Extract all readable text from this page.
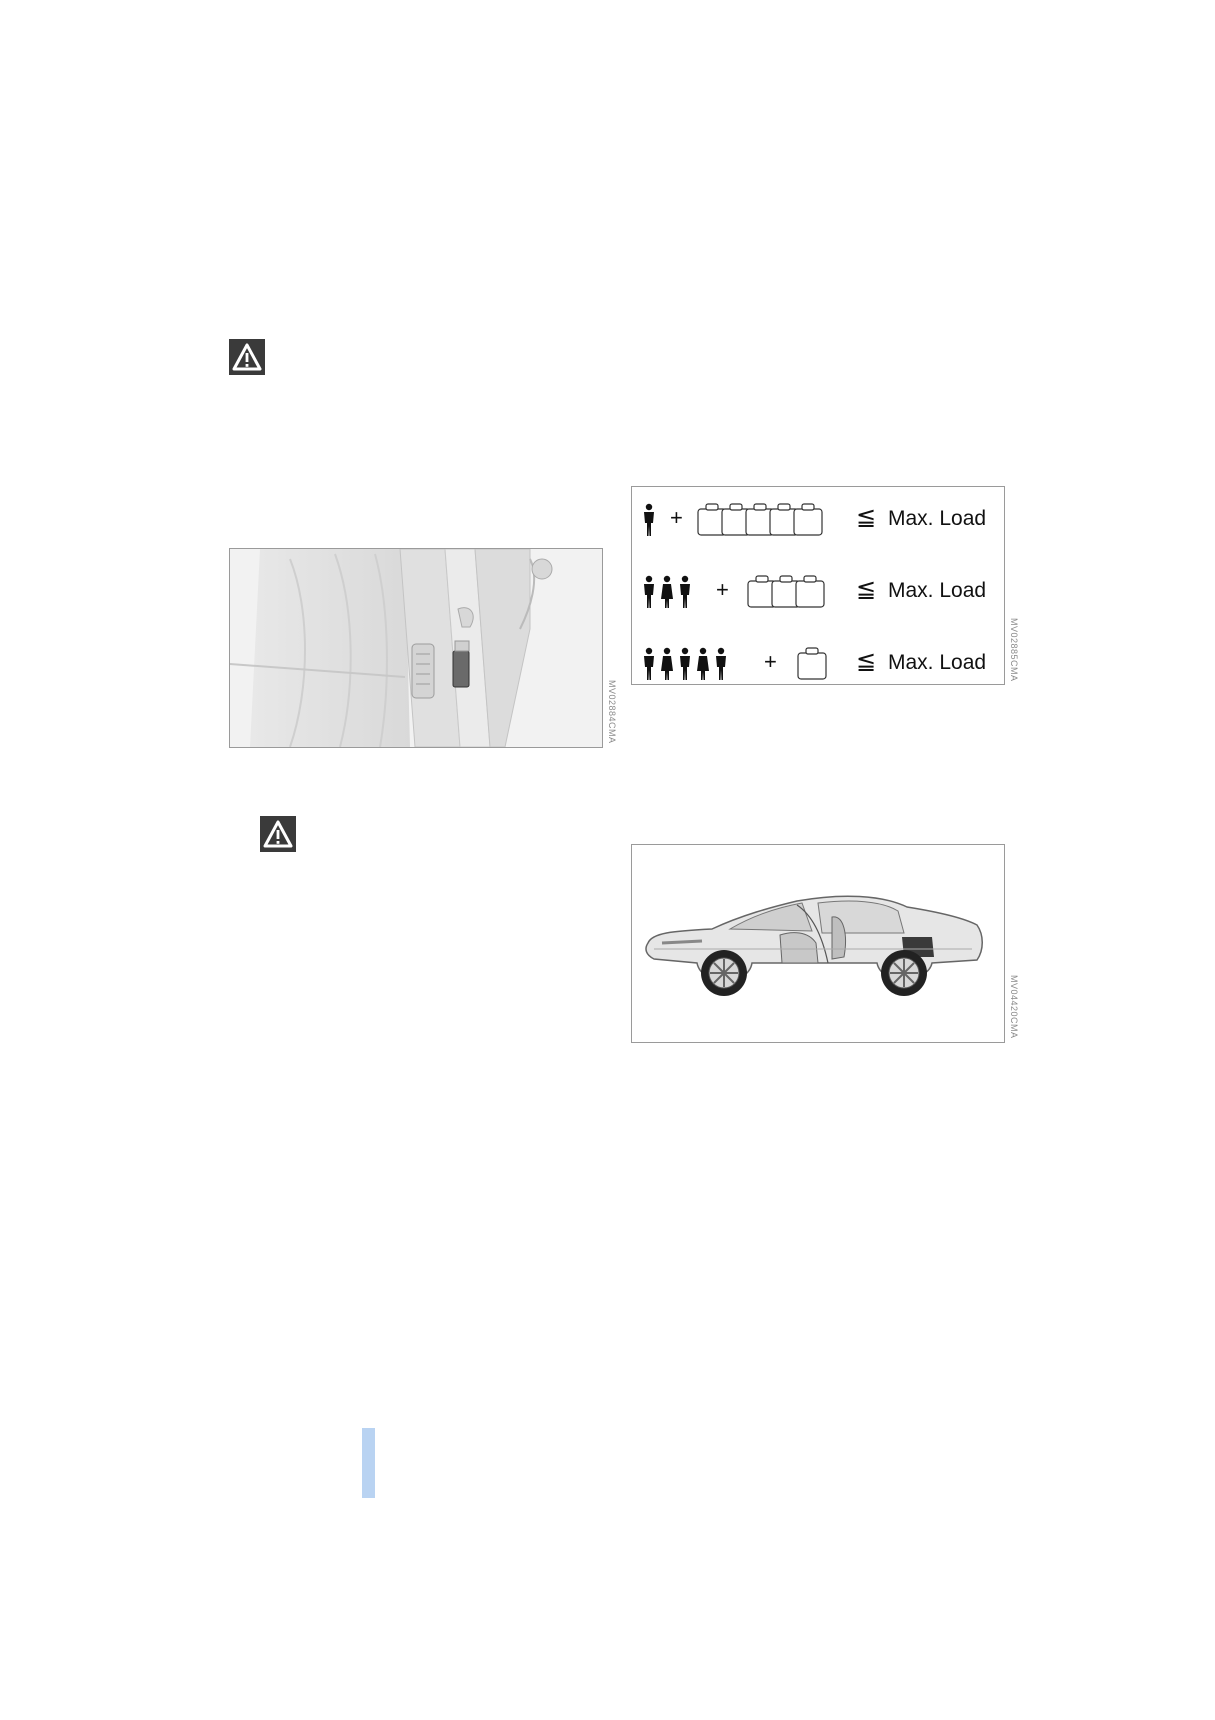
MV02884CMA
+	≦ Max. Load
+	≦ Max. Load
+	≦ Max. Load	MV02885CMA
MV04420CMA
